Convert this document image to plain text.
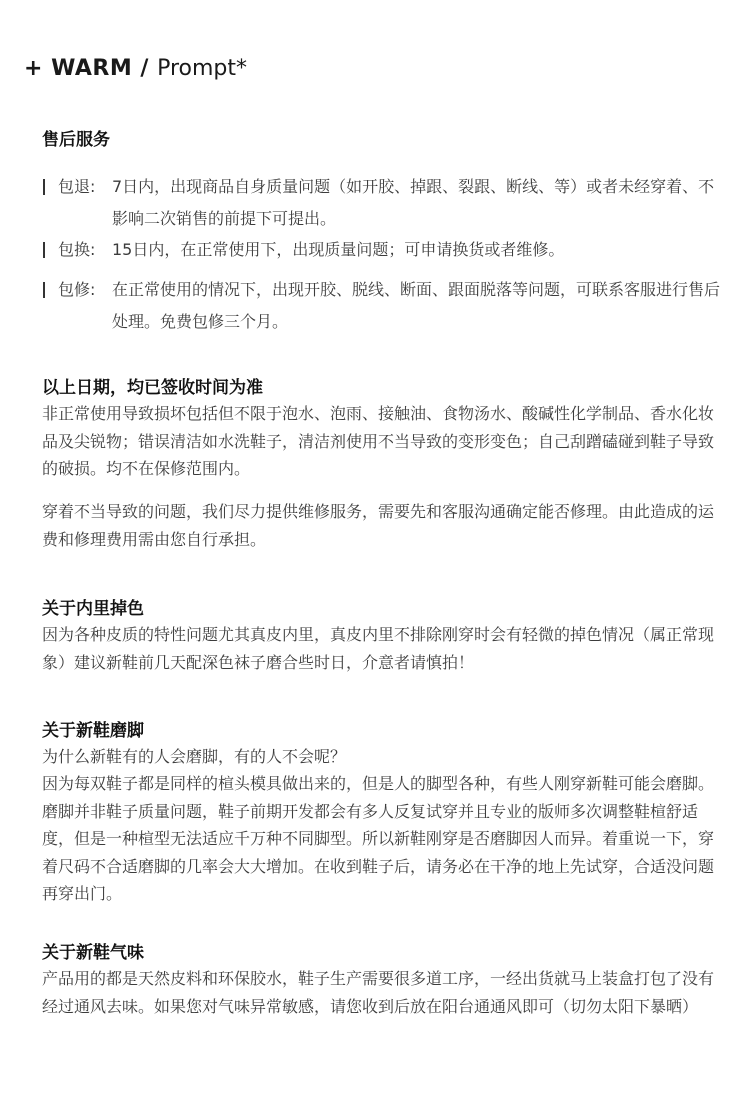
+ WARM / Prompt*
售后服务
包退: 7日内，出现商品自身质量问题（如开胶、掉跟、裂跟、断线、等）或者未经穿着、不影响二次销售的前提下可提出。
包换: 15日内，在正常使用下，出现质量问题；可申请换货或者维修。
包修: 在正常使用的情况下，出现开胶、脱线、断面、跟面脱落等问题，可联系客服进行售后处理。免费包修三个月。
以上日期，均已签收时间为准
非正常使用导致损坏包括但不限于泡水、泡雨、接触油、食物汤水、酸碱性化学制品、香水化妆品及尖锐物；错误清洁如水洗鞋子，清洁剂使用不当导致的变形变色；自己刮蹭磕碰到鞋子导致的破损。均不在保修范围内。
穿着不当导致的问题，我们尽力提供维修服务，需要先和客服沟通确定能否修理。由此造成的运费和修理费用需由您自行承担。
关于内里掉色
因为各种皮质的特性问题尤其真皮内里，真皮内里不排除刚穿时会有轻微的掉色情况（属正常现象）建议新鞋前几天配深色袜子磨合些时日，介意者请慎拍！
关于新鞋磨脚
为什么新鞋有的人会磨脚，有的人不会呢？
因为每双鞋子都是同样的楦头模具做出来的，但是人的脚型各种，有些人刚穿新鞋可能会磨脚。磨脚并非鞋子质量问题，鞋子前期开发都会有多人反复试穿并且专业的版师多次调整鞋楦舒适度，但是一种楦型无法适应千万种不同脚型。所以新鞋刚穿是否磨脚因人而异。着重说一下，穿着尺码不合适磨脚的几率会大大增加。在收到鞋子后，请务必在干净的地上先试穿，合适没问题再穿出门。
关于新鞋气味
产品用的都是天然皮料和环保胶水，鞋子生产需要很多道工序，一经出货就马上装盒打包了没有经过通风去味。如果您对气味异常敏感，请您收到后放在阳台通通风即可（切勿太阳下暴晒）
